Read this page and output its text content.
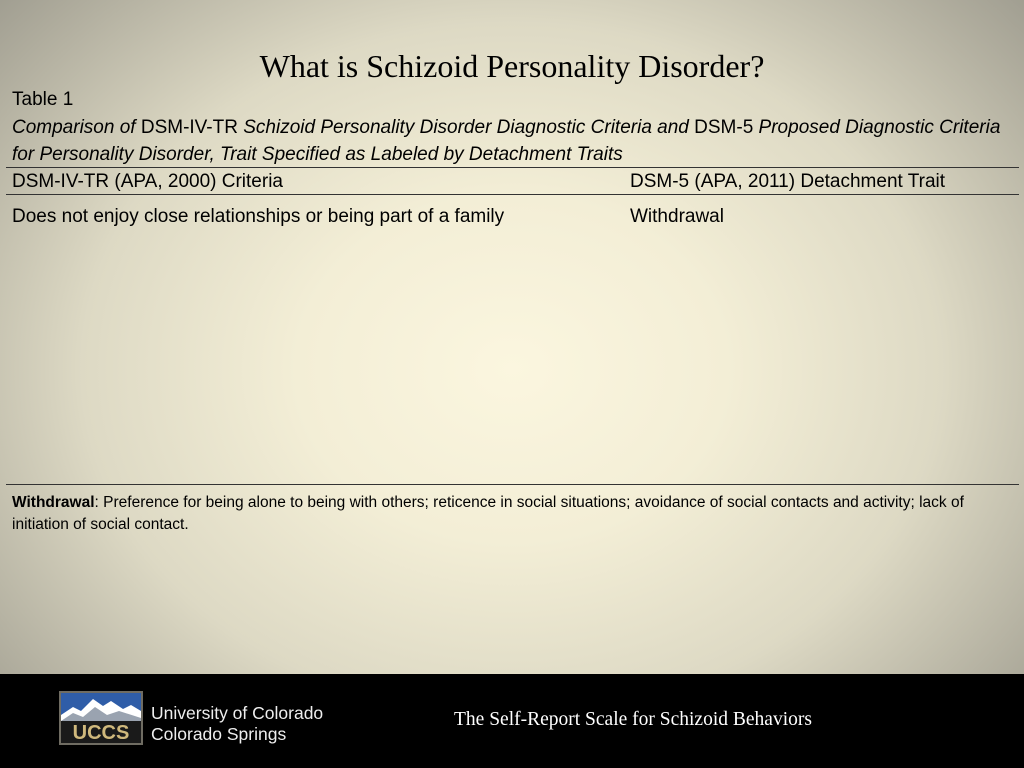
What is Schizoid Personality Disorder?
Table 1
Comparison of DSM-IV-TR Schizoid Personality Disorder Diagnostic Criteria and DSM-5 Proposed Diagnostic Criteria for Personality Disorder, Trait Specified as Labeled by Detachment Traits
DSM-IV-TR (APA, 2000) Criteria	DSM-5 (APA, 2011) Detachment Trait
Does not enjoy close relationships or being part of a family	Withdrawal
Withdrawal: Preference for being alone to being with others; reticence in social situations; avoidance of social contacts and activity; lack of initiation of social contact.
UCCS
University of Colorado
Colorado Springs
The Self-Report Scale for Schizoid Behaviors
